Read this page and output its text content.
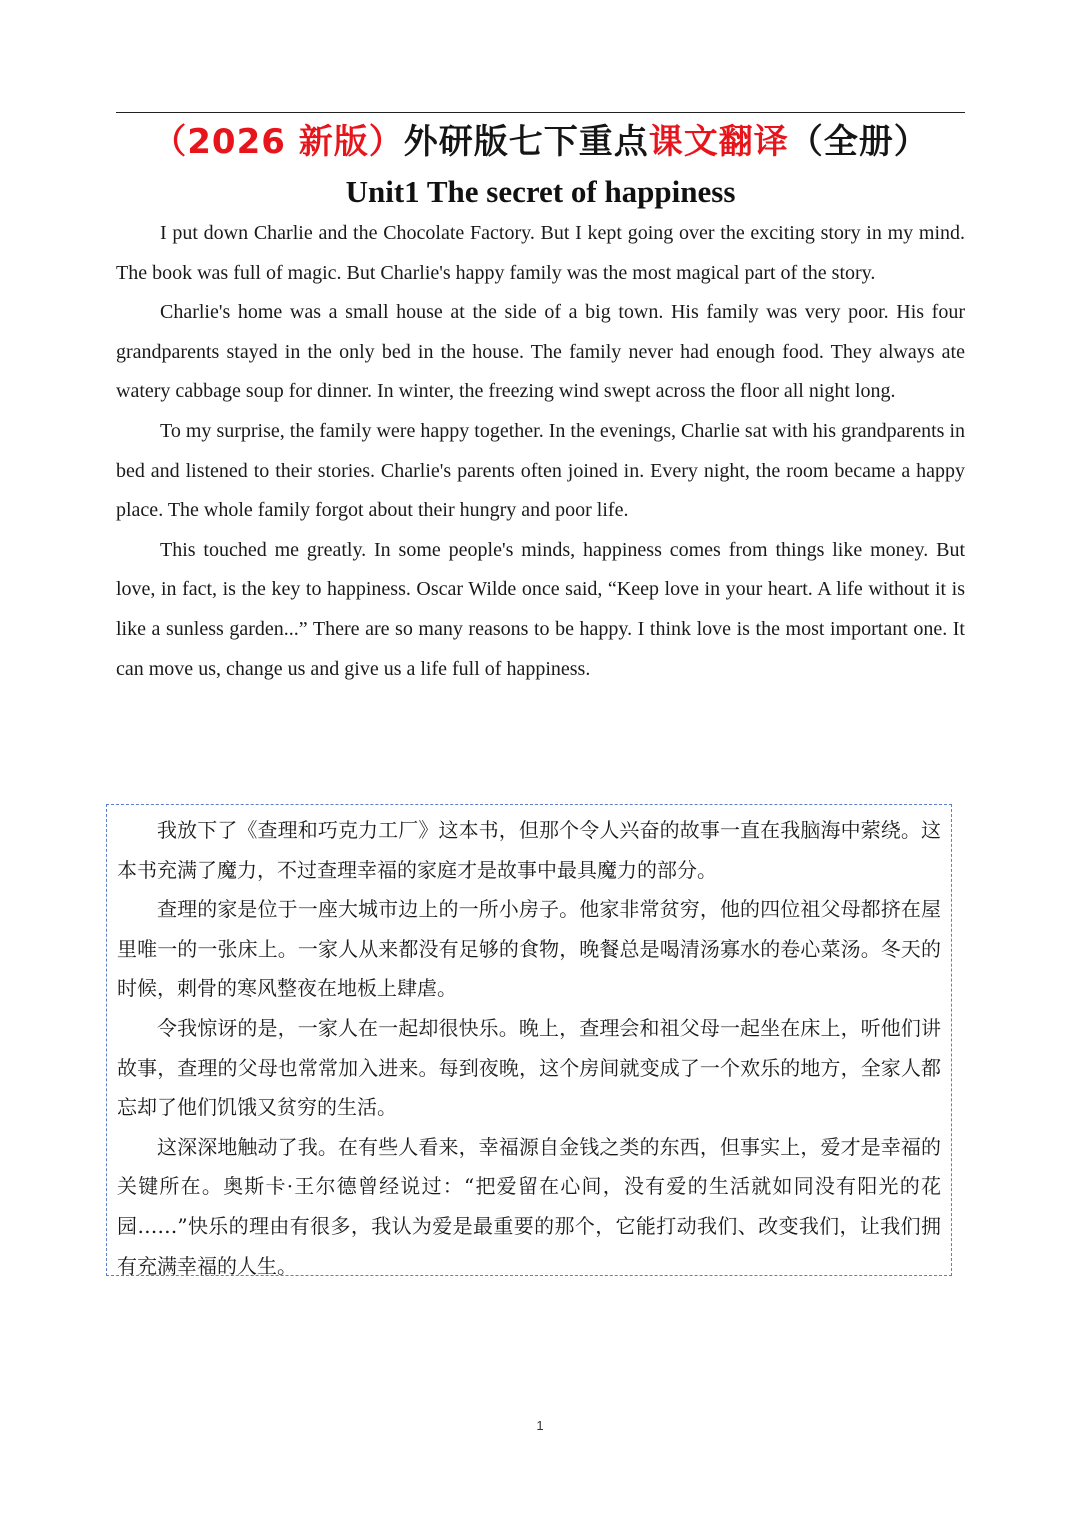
（2026 新版）外研版七下重点课文翻译（全册）
Unit1 The secret of happiness

I put down Charlie and the Chocolate Factory. But I kept going over the exciting story in my mind. The book was full of magic. But Charlie's happy family was the most magical part of the story.

Charlie's home was a small house at the side of a big town. His family was very poor. His four grandparents stayed in the only bed in the house. The family never had enough food. They always ate watery cabbage soup for dinner. In winter, the freezing wind swept across the floor all night long.

To my surprise, the family were happy together. In the evenings, Charlie sat with his grandparents in bed and listened to their stories. Charlie's parents often joined in. Every night, the room became a happy place. The whole family forgot about their hungry and poor life.

This touched me greatly. In some people's minds, happiness comes from things like money. But love, in fact, is the key to happiness. Oscar Wilde once said, “Keep love in your heart. A life without it is like a sunless garden...” There are so many reasons to be happy. I think love is the most important one. It can move us, change us and give us a life full of happiness.

我放下了《查理和巧克力工厂》这本书，但那个令人兴奋的故事一直在我脑海中萦绕。这本书充满了魔力，不过查理幸福的家庭才是故事中最具魔力的部分。

查理的家是位于一座大城市边上的一所小房子。他家非常贫穷，他的四位祖父母都挤在屋里唯一的一张床上。一家人从来都没有足够的食物，晚餐总是喝清汤寡水的卷心菜汤。冬天的时候，刺骨的寒风整夜在地板上肆虐。

令我惊讶的是，一家人在一起却很快乐。晚上，查理会和祖父母一起坐在床上，听他们讲故事，查理的父母也常常加入进来。每到夜晚，这个房间就变成了一个欢乐的地方，全家人都忘却了他们饥饿又贫穷的生活。

这深深地触动了我。在有些人看来，幸福源自金钱之类的东西，但事实上，爱才是幸福的关键所在。奥斯卡·王尔德曾经说过：“把爱留在心间，没有爱的生活就如同没有阳光的花园……”快乐的理由有很多，我认为爱是最重要的那个，它能打动我们、改变我们，让我们拥有充满幸福的人生。

1
